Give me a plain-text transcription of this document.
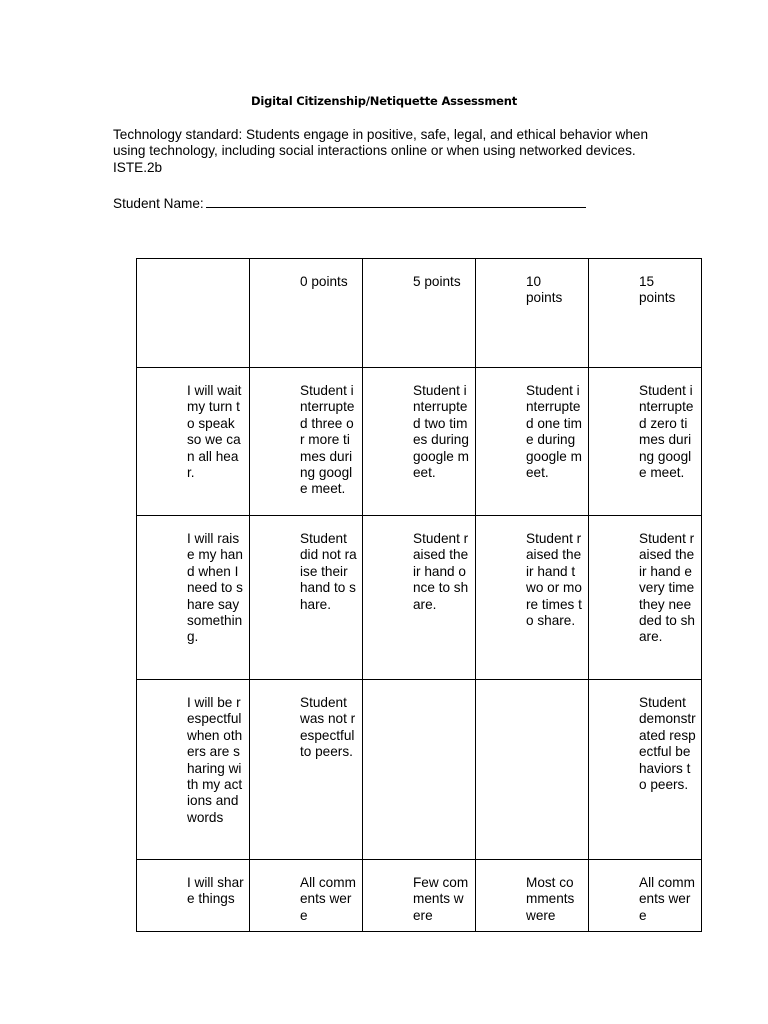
Digital Citizenship/Netiquette Assessment
Technology standard: Students engage in positive, safe, legal, and ethical behavior when
using technology, including social interactions online or when using networked devices.
ISTE.2b
Student Name:

	0 points	5 points	10 points	15 points

I will wait my turn to speak so we can all hear.	Student interrupted three or more times during google meet.	Student interrupted two times during google meet.	Student interrupted one time during google meet.	Student interrupted zero times during google meet.

I will raise my hand when I need to share say something.	Student did not raise their hand to share.	Student raised their hand once to share.	Student raised their hand two or more times to share.	Student raised their hand every time they needed to share.

I will be respectful when others are sharing with my actions and words	Student was not respectful to peers.			Student demonstrated respectful behaviors to peers.

I will share things	All comments were	Few comments were	Most comments were	All comments were
